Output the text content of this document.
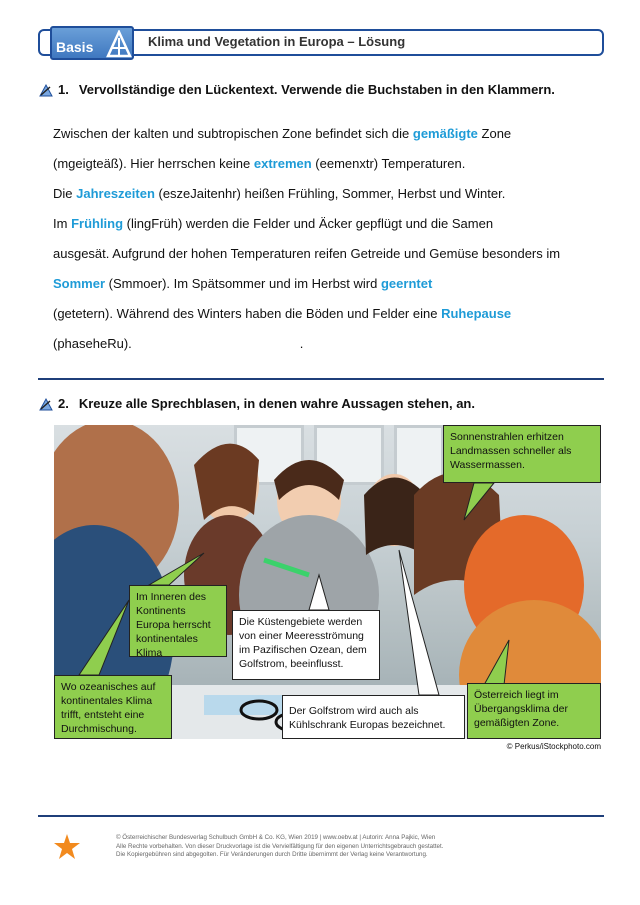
Basis	Klima und Vegetation in Europa – Lösung
1. Vervollständige den Lückentext. Verwende die Buchstaben in den Klammern.
Zwischen der kalten und subtropischen Zone befindet sich die gemäßigte Zone
(mgeigteäß). Hier herrschen keine extremen (eemenxtr) Temperaturen.
Die Jahreszeiten (eszeJaitenhr) heißen Frühling, Sommer, Herbst und Winter.
Im Frühling (lingFrüh) werden die Felder und Äcker gepflügt und die Samen
ausgesät. Aufgrund der hohen Temperaturen reifen Getreide und Gemüse besonders im
Sommer (Smmoer). Im Spätsommer und im Herbst wird geerntet
(getetern). Während des Winters haben die Böden und Felder eine Ruhepause
(phaseheRu).	.
2. Kreuze alle Sprechblasen, in denen wahre Aussagen stehen, an.
Sonnenstrahlen erhitzen Landmassen schneller als Wassermassen.
Im Inneren des Kontinents Europa herrscht kontinentales Klima
Die Küstengebiete werden von einer Meeresströmung im Pazifischen Ozean, dem Golfstrom, beeinflusst.
Wo ozeanisches auf kontinentales Klima trifft, entsteht eine Durchmischung.
Der Golfstrom wird auch als Kühlschrank Europas bezeichnet.
Österreich liegt im Übergangsklima der gemäßigten Zone.
© Perkus/iStockphoto.com
© Österreichischer Bundesverlag Schulbuch GmbH & Co. KG, Wien 2019 | www.oebv.at | Autorin: Anna Pajkic, Wien
Alle Rechte vorbehalten. Von dieser Druckvorlage ist die Vervielfältigung für den eigenen Unterrichtsgebrauch gestattet.
Die Kopiergebühren sind abgegolten. Für Veränderungen durch Dritte übernimmt der Verlag keine Verantwortung.
